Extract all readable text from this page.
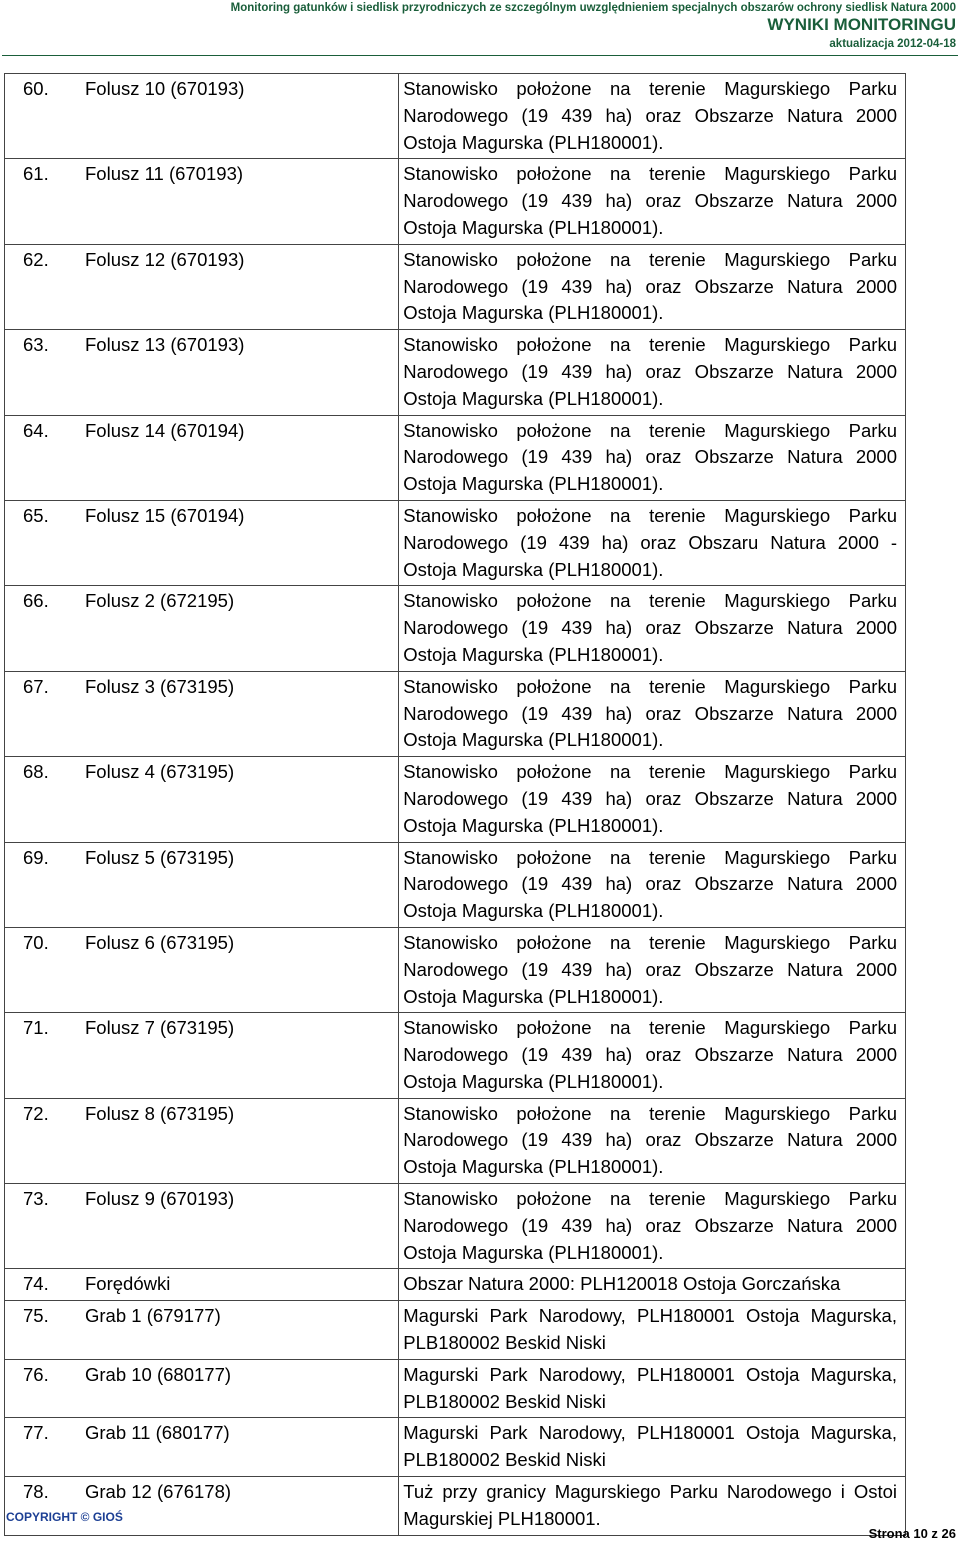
Monitoring gatunków i siedlisk przyrodniczych ze szczególnym uwzględnieniem specjalnych obszarów ochrony siedlisk Natura 2000
WYNIKI MONITORINGU
aktualizacja 2012-04-18
60. Folusz 10 (670193)	Stanowisko położone na terenie Magurskiego Parku Narodowego (19 439 ha) oraz Obszarze Natura 2000 Ostoja Magurska (PLH180001).

61. Folusz 11 (670193)	Stanowisko położone na terenie Magurskiego Parku Narodowego (19 439 ha) oraz Obszarze Natura 2000 Ostoja Magurska (PLH180001).

62. Folusz 12 (670193)	Stanowisko położone na terenie Magurskiego Parku Narodowego (19 439 ha) oraz Obszarze Natura 2000 Ostoja Magurska (PLH180001).

63. Folusz 13 (670193)	Stanowisko położone na terenie Magurskiego Parku Narodowego (19 439 ha) oraz Obszarze Natura 2000 Ostoja Magurska (PLH180001).

64. Folusz 14 (670194)	Stanowisko położone na terenie Magurskiego Parku Narodowego (19 439 ha) oraz Obszarze Natura 2000 Ostoja Magurska (PLH180001).

65. Folusz 15 (670194)	Stanowisko położone na terenie Magurskiego Parku Narodowego (19 439 ha) oraz Obszaru Natura 2000 - Ostoja Magurska (PLH180001).

66. Folusz 2 (672195)	Stanowisko położone na terenie Magurskiego Parku Narodowego (19 439 ha) oraz Obszarze Natura 2000 Ostoja Magurska (PLH180001).

67. Folusz 3 (673195)	Stanowisko położone na terenie Magurskiego Parku Narodowego (19 439 ha) oraz Obszarze Natura 2000 Ostoja Magurska (PLH180001).

68. Folusz 4 (673195)	Stanowisko położone na terenie Magurskiego Parku Narodowego (19 439 ha) oraz Obszarze Natura 2000 Ostoja Magurska (PLH180001).

69. Folusz 5 (673195)	Stanowisko położone na terenie Magurskiego Parku Narodowego (19 439 ha) oraz Obszarze Natura 2000 Ostoja Magurska (PLH180001).

70. Folusz 6 (673195)	Stanowisko położone na terenie Magurskiego Parku Narodowego (19 439 ha) oraz Obszarze Natura 2000 Ostoja Magurska (PLH180001).

71. Folusz 7 (673195)	Stanowisko położone na terenie Magurskiego Parku Narodowego (19 439 ha) oraz Obszarze Natura 2000 Ostoja Magurska (PLH180001).

72. Folusz 8 (673195)	Stanowisko położone na terenie Magurskiego Parku Narodowego (19 439 ha) oraz Obszarze Natura 2000 Ostoja Magurska (PLH180001).

73. Folusz 9 (670193)	Stanowisko położone na terenie Magurskiego Parku Narodowego (19 439 ha) oraz Obszarze Natura 2000 Ostoja Magurska (PLH180001).

74. Forędówki	Obszar Natura 2000: PLH120018 Ostoja Gorczańska

75. Grab 1 (679177)	Magurski Park Narodowy, PLH180001 Ostoja Magurska, PLB180002 Beskid Niski

76. Grab 10 (680177)	Magurski Park Narodowy, PLH180001 Ostoja Magurska, PLB180002 Beskid Niski

77. Grab 11 (680177)	Magurski Park Narodowy, PLH180001 Ostoja Magurska, PLB180002 Beskid Niski

78. Grab 12 (676178)	Tuż przy granicy Magurskiego Parku Narodowego i Ostoi Magurskiej PLH180001.
COPYRIGHT © GIOŚ
Strona 10 z 26
